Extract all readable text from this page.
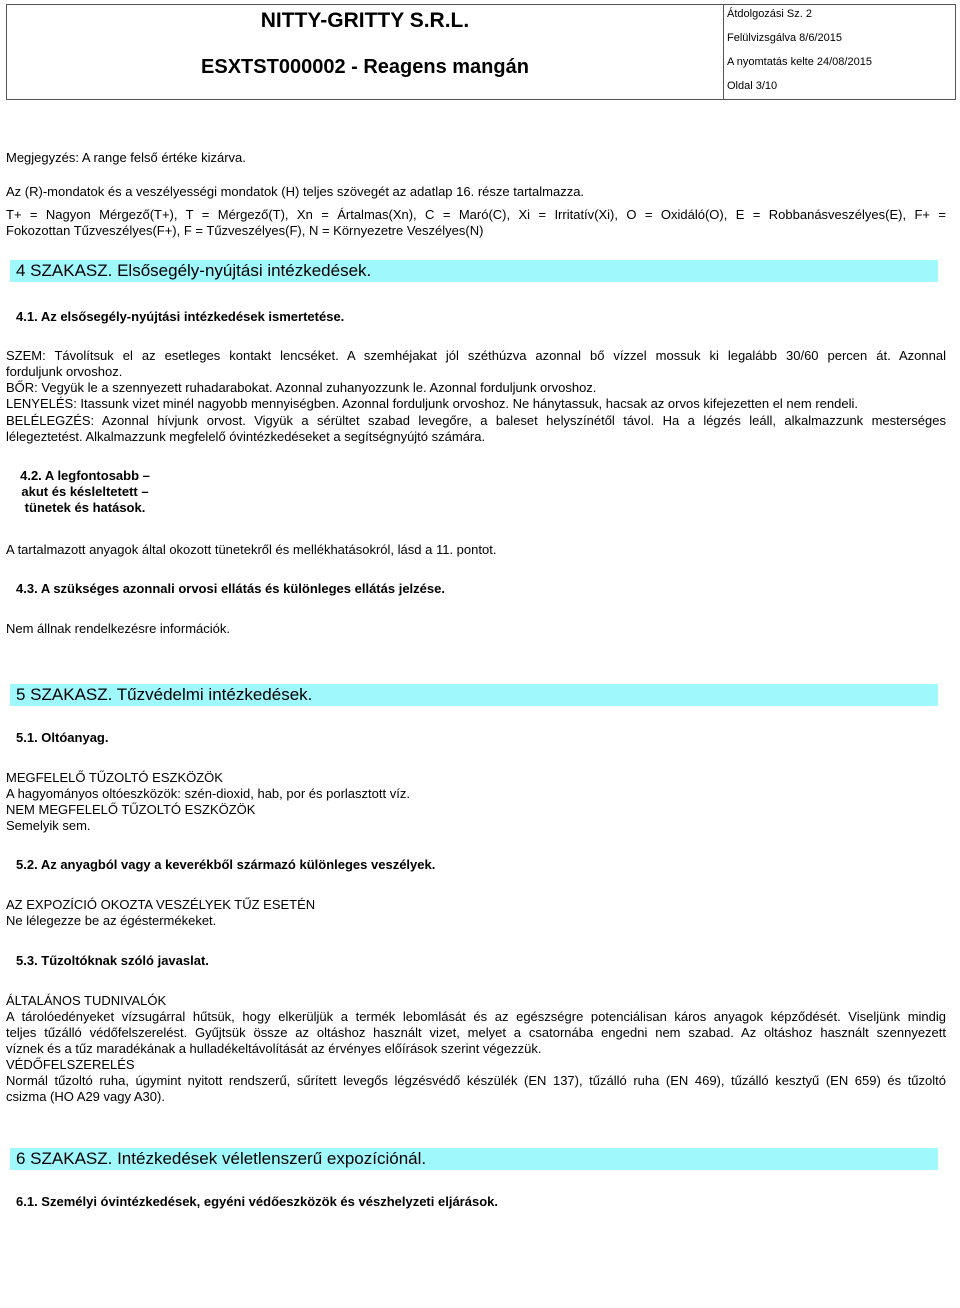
NITTY-GRITTY S.R.L.
ESXTST000002 - Reagens mangán
Átdolgozási Sz. 2
Felülvizsgálva 8/6/2015
A nyomtatás kelte 24/08/2015
Oldal 3/10
Megjegyzés: A range felső értéke kizárva.
Az (R)-mondatok és a veszélyességi mondatok (H) teljes szövegét az adatlap 16. része tartalmazza.
T+ = Nagyon Mérgező(T+), T = Mérgező(T), Xn = Ártalmas(Xn), C = Maró(C), Xi = Irritatív(Xi), O = Oxidáló(O), E = Robbanásveszélyes(E), F+ =
Fokozottan Tűzveszélyes(F+), F = Tűzveszélyes(F), N = Környezetre Veszélyes(N)
4 SZAKASZ. Elsősegély-nyújtási intézkedések.
4.1. Az elsősegély-nyújtási intézkedések ismertetése.
SZEM: Távolítsuk el az esetleges kontakt lencséket. A szemhéjakat jól széthúzva azonnal bő vízzel mossuk ki legalább 30/60 percen át. Azonnal
forduljunk orvoshoz.
BŐR: Vegyük le a szennyezett ruhadarabokat. Azonnal zuhanyozzunk le. Azonnal forduljunk orvoshoz.
LENYELÉS: Itassunk vizet minél nagyobb mennyiségben. Azonnal forduljunk orvoshoz. Ne hánytassuk, hacsak az orvos kifejezetten el nem rendeli.
BELÉLEGZÉS: Azonnal hívjunk orvost. Vigyük a sérültet szabad levegőre, a baleset helyszínétől távol. Ha a légzés leáll, alkalmazzunk mesterséges
lélegeztetést. Alkalmazzunk megfelelő óvintézkedéseket a segítségnyújtó számára.
4.2. A legfontosabb –
akut és késleltetett –
tünetek és hatások.
A tartalmazott anyagok által okozott tünetekről és mellékhatásokról, lásd a 11. pontot.
4.3. A szükséges azonnali orvosi ellátás és különleges ellátás jelzése.
Nem állnak rendelkezésre információk.
5 SZAKASZ. Tűzvédelmi intézkedések.
5.1. Oltóanyag.
MEGFELELŐ TŰZOLTÓ ESZKÖZÖK
A hagyományos oltóeszközök: szén-dioxid, hab, por és porlasztott víz.
NEM MEGFELELŐ TŰZOLTÓ ESZKÖZÖK
Semelyik sem.
5.2. Az anyagból vagy a keverékből származó különleges veszélyek.
AZ EXPOZÍCIÓ OKOZTA VESZÉLYEK TŰZ ESETÉN
Ne lélegezze be az égéstermékeket.
5.3. Tűzoltóknak szóló javaslat.
ÁLTALÁNOS TUDNIVALÓK
A tárolóedényeket vízsugárral hűtsük, hogy elkerüljük a termék lebomlását és az egészségre potenciálisan káros anyagok képződését. Viseljünk mindig
teljes tűzálló védőfelszerelést. Gyűjtsük össze az oltáshoz használt vizet, melyet a csatornába engedni nem szabad. Az oltáshoz használt szennyezett
víznek és a tűz maradékának a hulladékeltávolítását az érvényes előírások szerint végezzük.
VÉDŐFELSZERELÉS
Normál tűzoltó ruha, úgymint nyitott rendszerű, sűrített levegős légzésvédő készülék (EN 137), tűzálló ruha (EN 469), tűzálló kesztyű (EN 659) és tűzoltó
csizma (HO A29 vagy A30).
6 SZAKASZ. Intézkedések véletlenszerű expozíciónál.
6.1. Személyi óvintézkedések, egyéni védőeszközök és vészhelyzeti eljárások.
